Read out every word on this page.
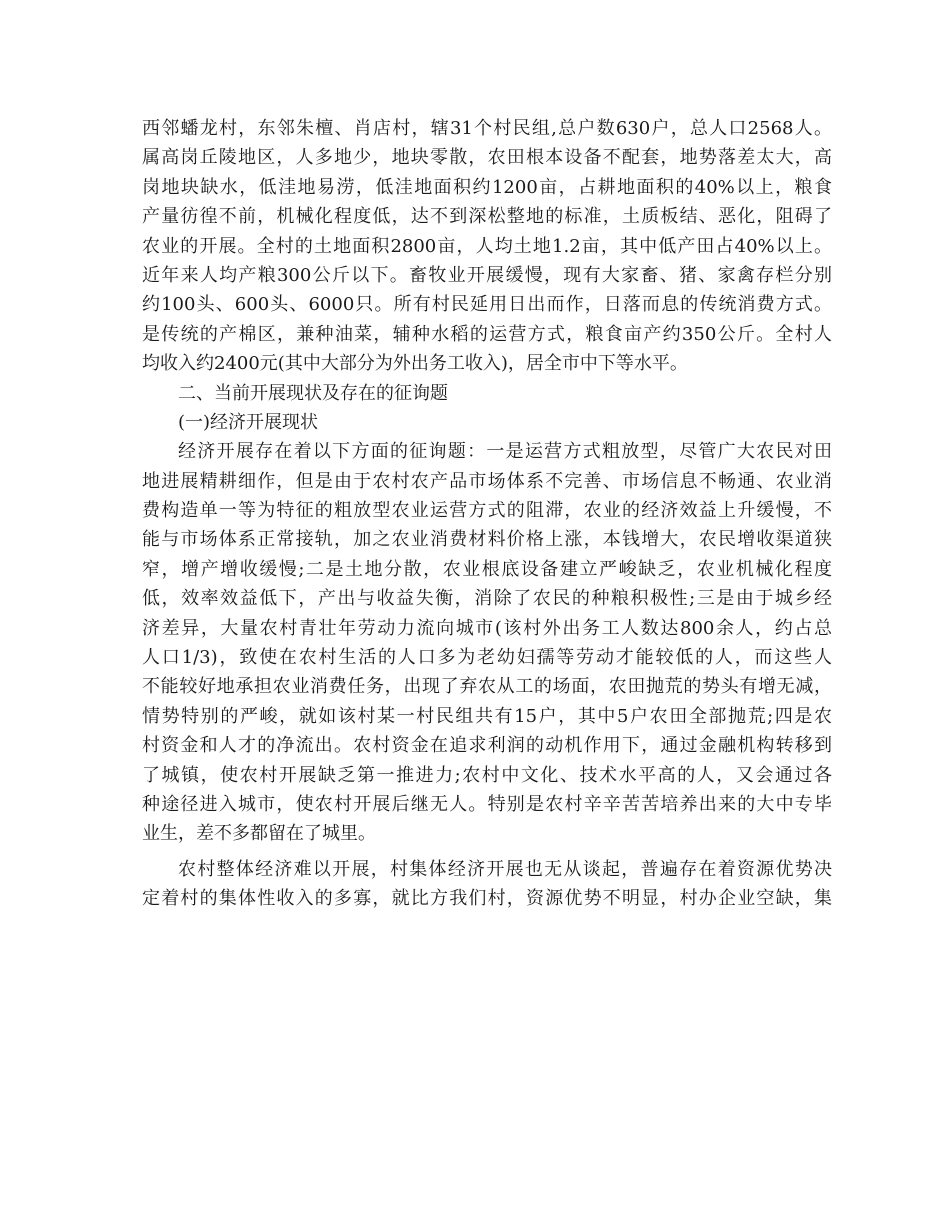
西邻蟠龙村，东邻朱檀、肖店村，辖31个村民组,总户数630户，总人口2568人。
属高岗丘陵地区，人多地少，地块零散，农田根本设备不配套，地势落差太大，高
岗地块缺水，低洼地易涝，低洼地面积约1200亩，占耕地面积的40%以上，粮食
产量彷徨不前，机械化程度低，达不到深松整地的标准，土质板结、恶化，阻碍了
农业的开展。全村的土地面积2800亩，人均土地1.2亩，其中低产田占40%以上。
近年来人均产粮300公斤以下。畜牧业开展缓慢，现有大家畜、猪、家禽存栏分别
约100头、600头、6000只。所有村民延用日出而作，日落而息的传统消费方式。
是传统的产棉区，兼种油菜，辅种水稻的运营方式，粮食亩产约350公斤。全村人
均收入约2400元(其中大部分为外出务工收入)，居全市中下等水平。
二、当前开展现状及存在的征询题
(一)经济开展现状
经济开展存在着以下方面的征询题：一是运营方式粗放型，尽管广大农民对田
地进展精耕细作，但是由于农村农产品市场体系不完善、市场信息不畅通、农业消
费构造单一等为特征的粗放型农业运营方式的阻滞，农业的经济效益上升缓慢，不
能与市场体系正常接轨，加之农业消费材料价格上涨，本钱增大，农民增收渠道狭
窄，增产增收缓慢;二是土地分散，农业根底设备建立严峻缺乏，农业机械化程度
低，效率效益低下，产出与收益失衡，消除了农民的种粮积极性;三是由于城乡经
济差异，大量农村青壮年劳动力流向城市(该村外出务工人数达800余人，约占总
人口1/3)，致使在农村生活的人口多为老幼妇孺等劳动才能较低的人，而这些人
不能较好地承担农业消费任务，出现了弃农从工的场面，农田抛荒的势头有增无减，
情势特别的严峻，就如该村某一村民组共有15户，其中5户农田全部抛荒;四是农
村资金和人才的净流出。农村资金在追求利润的动机作用下，通过金融机构转移到
了城镇，使农村开展缺乏第一推进力;农村中文化、技术水平高的人，又会通过各
种途径进入城市，使农村开展后继无人。特别是农村辛辛苦苦培养出来的大中专毕
业生，差不多都留在了城里。
农村整体经济难以开展，村集体经济开展也无从谈起，普遍存在着资源优势决
定着村的集体性收入的多寡，就比方我们村，资源优势不明显，村办企业空缺，集
